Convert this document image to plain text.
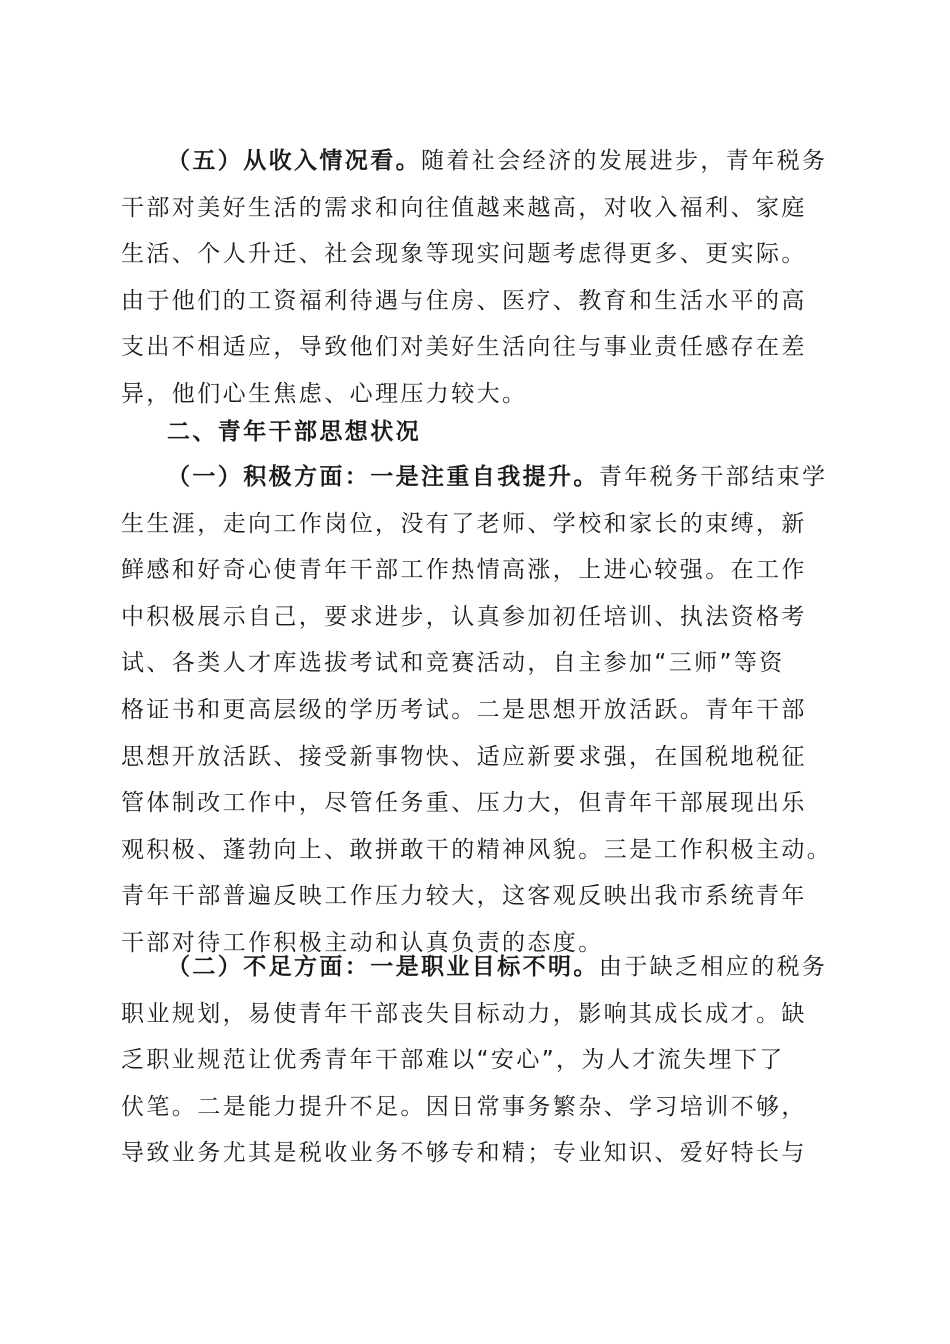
（五）从收入情况看。随着社会经济的发展进步，青年税务
干部对美好生活的需求和向往值越来越高，对收入福利、家庭
生活、个人升迁、社会现象等现实问题考虑得更多、更实际。
由于他们的工资福利待遇与住房、医疗、教育和生活水平的高
支出不相适应，导致他们对美好生活向往与事业责任感存在差
异，他们心生焦虑、心理压力较大。
二、青年干部思想状况
（一）积极方面：一是注重自我提升。青年税务干部结束学
生生涯，走向工作岗位，没有了老师、学校和家长的束缚，新
鲜感和好奇心使青年干部工作热情高涨，上进心较强。在工作
中积极展示自己，要求进步，认真参加初任培训、执法资格考
试、各类人才库选拔考试和竞赛活动，自主参加“三师”等资
格证书和更高层级的学历考试。二是思想开放活跃。青年干部
思想开放活跃、接受新事物快、适应新要求强，在国税地税征
管体制改工作中，尽管任务重、压力大，但青年干部展现出乐
观积极、蓬勃向上、敢拼敢干的精神风貌。三是工作积极主动。
青年干部普遍反映工作压力较大，这客观反映出我市系统青年
干部对待工作积极主动和认真负责的态度。
（二）不足方面：一是职业目标不明。由于缺乏相应的税务
职业规划，易使青年干部丧失目标动力，影响其成长成才。缺
乏职业规范让优秀青年干部难以“安心”，为人才流失埋下了
伏笔。二是能力提升不足。因日常事务繁杂、学习培训不够，
导致业务尤其是税收业务不够专和精；专业知识、爱好特长与
